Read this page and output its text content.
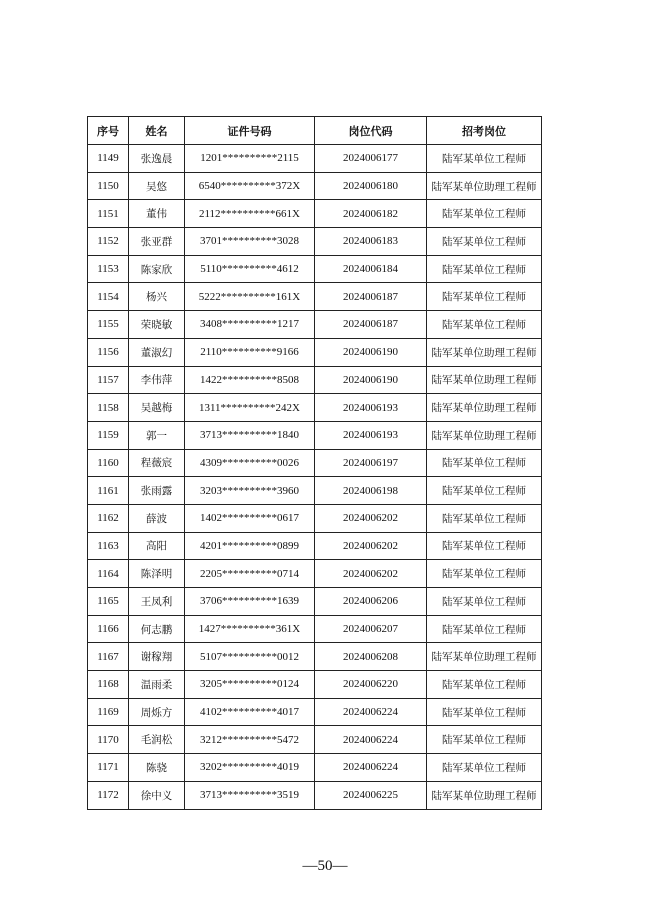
序号	姓名	证件号码	岗位代码	招考岗位
1149	张逸晨	1201**********2115	2024006177	陆军某单位工程师
1150	吴悠	6540**********372X	2024006180	陆军某单位助理工程师
1151	董伟	2112**********661X	2024006182	陆军某单位工程师
1152	张亚群	3701**********3028	2024006183	陆军某单位工程师
1153	陈家欣	5110**********4612	2024006184	陆军某单位工程师
1154	杨兴	5222**********161X	2024006187	陆军某单位工程师
1155	荣晓敏	3408**********1217	2024006187	陆军某单位工程师
1156	董淑幻	2110**********9166	2024006190	陆军某单位助理工程师
1157	李伟萍	1422**********8508	2024006190	陆军某单位助理工程师
1158	吴越梅	1311**********242X	2024006193	陆军某单位助理工程师
1159	郭一	3713**********1840	2024006193	陆军某单位助理工程师
1160	程薇宸	4309**********0026	2024006197	陆军某单位工程师
1161	张雨露	3203**********3960	2024006198	陆军某单位工程师
1162	薛波	1402**********0617	2024006202	陆军某单位工程师
1163	高阳	4201**********0899	2024006202	陆军某单位工程师
1164	陈泽明	2205**********0714	2024006202	陆军某单位工程师
1165	王凤利	3706**********1639	2024006206	陆军某单位工程师
1166	何志鹏	1427**********361X	2024006207	陆军某单位工程师
1167	谢稼翔	5107**********0012	2024006208	陆军某单位助理工程师
1168	温雨柔	3205**********0124	2024006220	陆军某单位工程师
1169	周烁方	4102**********4017	2024006224	陆军某单位工程师
1170	毛润松	3212**********5472	2024006224	陆军某单位工程师
1171	陈骁	3202**********4019	2024006224	陆军某单位工程师
1172	徐中义	3713**********3519	2024006225	陆军某单位助理工程师
—50—
